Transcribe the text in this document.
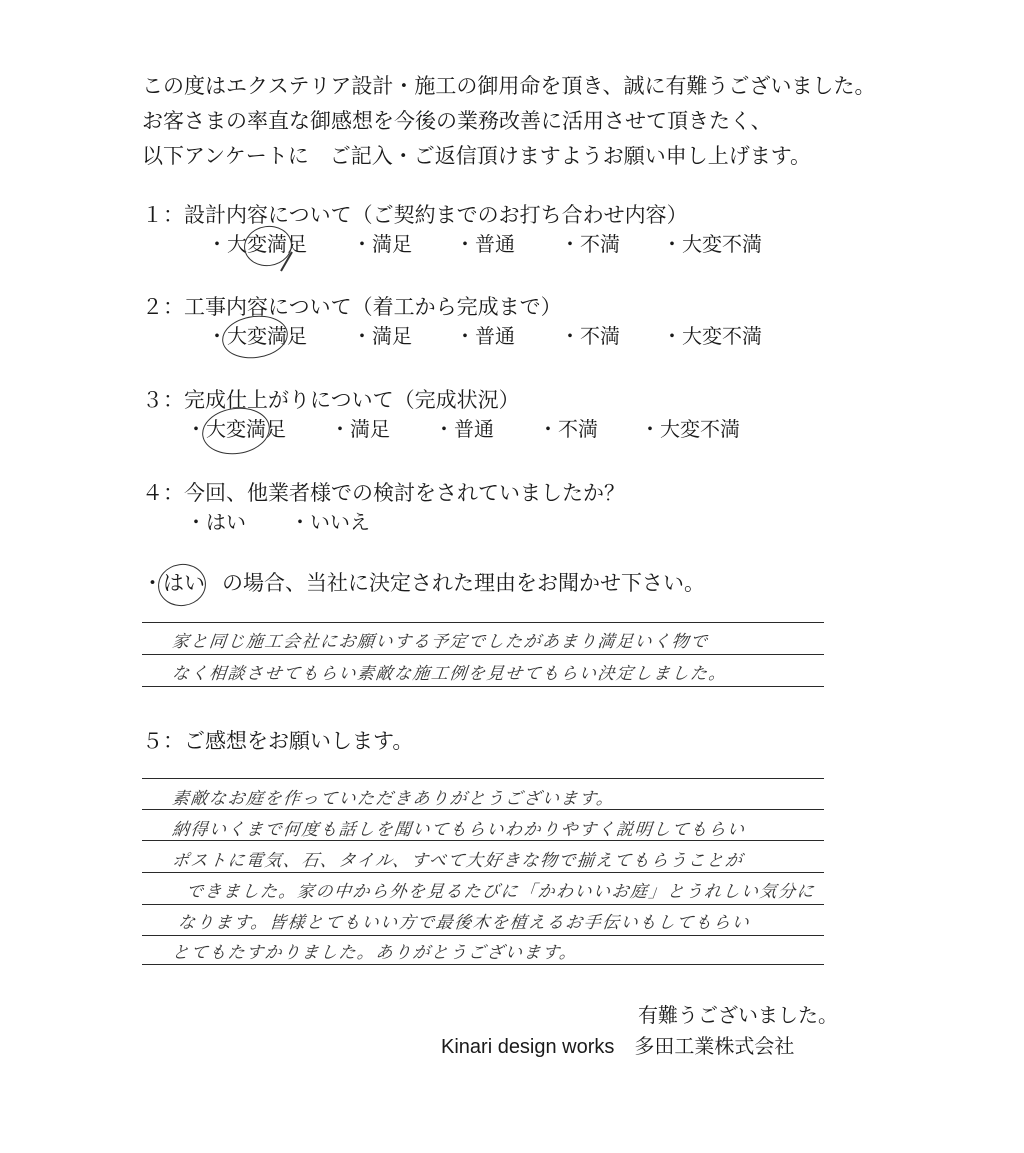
この度はエクステリア設計・施工の御用命を頂き、誠に有難うございました。
お客さまの率直な御感想を今後の業務改善に活用させて頂きたく、
以下アンケートに　ご記入・ご返信頂けますようお願い申し上げます。
１：設計内容について（ご契約までのお打ち合わせ内容）
・大変満足 ・満足 ・普通 ・不満 ・大変不満
２：工事内容について（着工から完成まで）
・大変満足 ・満足 ・普通 ・不満 ・大変不満
３：完成仕上がりについて（完成状況）
・大変満足 ・満足 ・普通 ・不満 ・大変不満
４：今回、他業者様での検討をされていましたか？
・はい ・いいえ
・ はい の場合、当社に決定された理由をお聞かせ下さい。
家と同じ施工会社にお願いする予定でしたがあまり満足いく物で
なく相談させてもらい素敵な施工例を見せてもらい決定しました。
５：ご感想をお願いします。
素敵なお庭を作っていただきありがとうございます。
納得いくまで何度も話しを聞いてもらいわかりやすく説明してもらい
ポストに電気、石、タイル、すべて大好きな物で揃えてもらうことが
できました。家の中から外を見るたびに「かわいいお庭」とうれしい気分に
なります。皆様とてもいい方で最後木を植えるお手伝いもしてもらい
とてもたすかりました。ありがとうございます。
有難うございました。
Kinari design works　多田工業株式会社
